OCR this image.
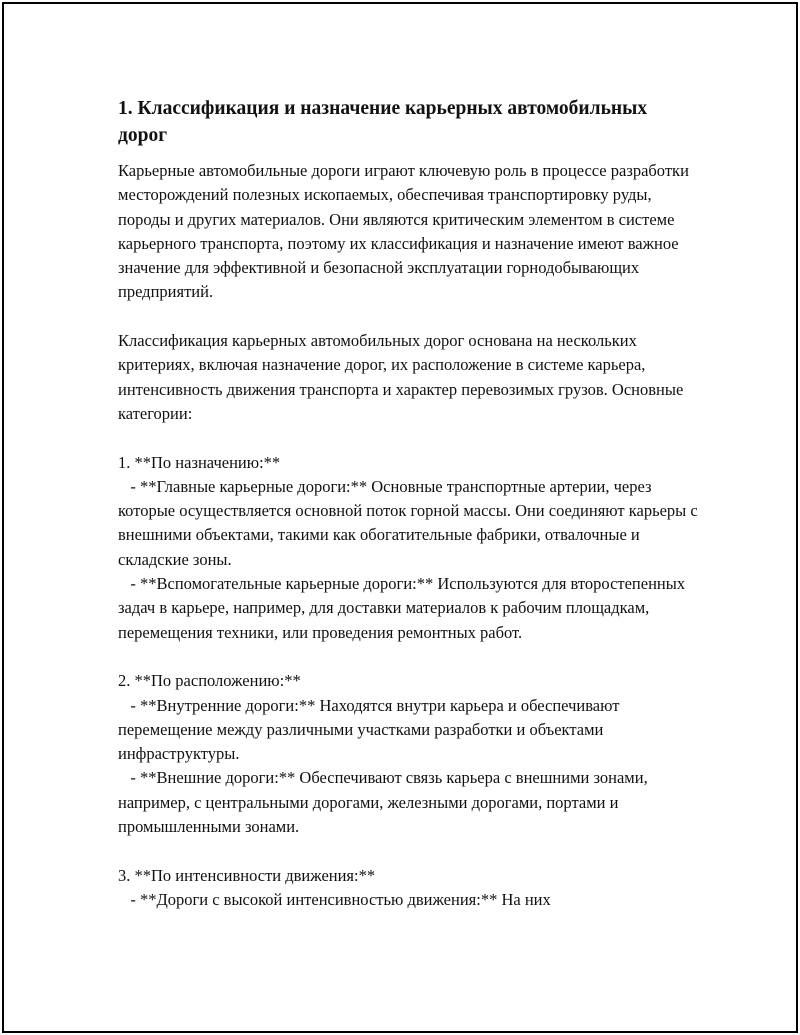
1. Классификация и назначение карьерных автомобильных дорог

Карьерные автомобильные дороги играют ключевую роль в процессе разработки месторождений полезных ископаемых, обеспечивая транспортировку руды, породы и других материалов. Они являются критическим элементом в системе карьерного транспорта, поэтому их классификация и назначение имеют важное значение для эффективной и безопасной эксплуатации горнодобывающих предприятий.

Классификация карьерных автомобильных дорог основана на нескольких критериях, включая назначение дорог, их расположение в системе карьера, интенсивность движения транспорта и характер перевозимых грузов. Основные категории:

1. **По назначению:**

- **Главные карьерные дороги:** Основные транспортные артерии, через которые осуществляется основной поток горной массы. Они соединяют карьеры с внешними объектами, такими как обогатительные фабрики, отвалочные и складские зоны.

- **Вспомогательные карьерные дороги:** Используются для второстепенных задач в карьере, например, для доставки материалов к рабочим площадкам, перемещения техники, или проведения ремонтных работ.

2. **По расположению:**

- **Внутренние дороги:** Находятся внутри карьера и обеспечивают перемещение между различными участками разработки и объектами инфраструктуры.

- **Внешние дороги:** Обеспечивают связь карьера с внешними зонами, например, с центральными дорогами, железными дорогами, портами и промышленными зонами.

3. **По интенсивности движения:**

- **Дороги с высокой интенсивностью движения:** На них
